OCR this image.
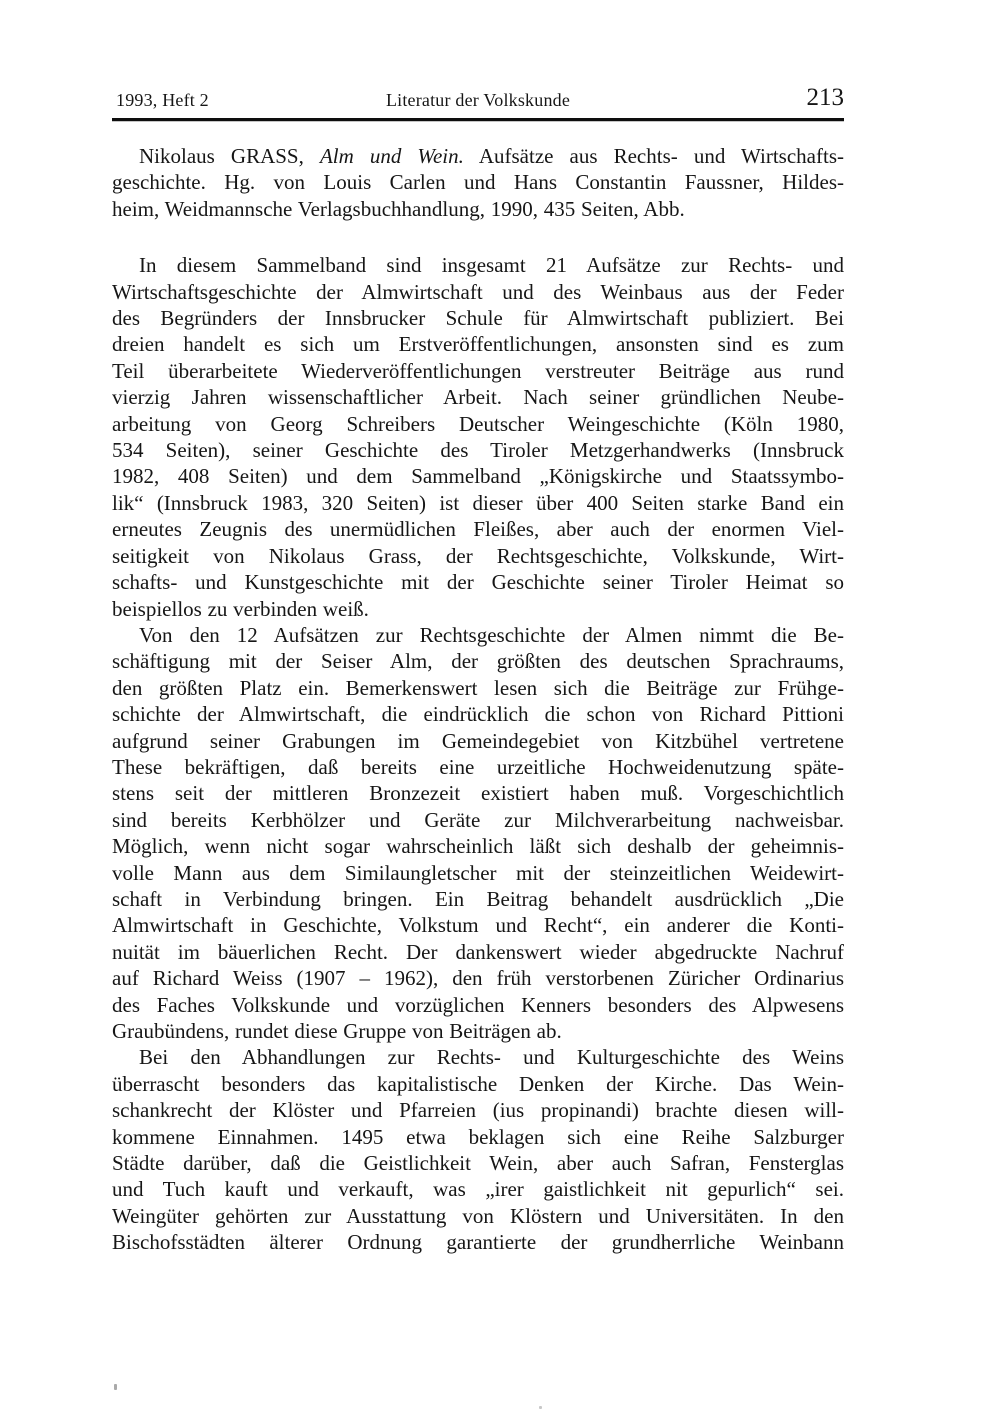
1993, Heft 2	Literatur der Volkskunde	213
Nikolaus GRASS, Alm und Wein. Aufsätze aus Rechts- und Wirtschafts-
geschichte. Hg. von Louis Carlen und Hans Constantin Faussner, Hildes-
heim, Weidmannsche Verlagsbuchhandlung, 1990, 435 Seiten, Abb.
In diesem Sammelband sind insgesamt 21 Aufsätze zur Rechts- und
Wirtschaftsgeschichte der Almwirtschaft und des Weinbaus aus der Feder
des Begründers der Innsbrucker Schule für Almwirtschaft publiziert. Bei
dreien handelt es sich um Erstveröffentlichungen, ansonsten sind es zum
Teil überarbeitete Wiederveröffentlichungen verstreuter Beiträge aus rund
vierzig Jahren wissenschaftlicher Arbeit. Nach seiner gründlichen Neube-
arbeitung von Georg Schreibers Deutscher Weingeschichte (Köln 1980,
534 Seiten), seiner Geschichte des Tiroler Metzgerhandwerks (Innsbruck
1982, 408 Seiten) und dem Sammelband „Königskirche und Staatssymbo-
lik“ (Innsbruck 1983, 320 Seiten) ist dieser über 400 Seiten starke Band ein
erneutes Zeugnis des unermüdlichen Fleißes, aber auch der enormen Viel-
seitigkeit von Nikolaus Grass, der Rechtsgeschichte, Volkskunde, Wirt-
schafts- und Kunstgeschichte mit der Geschichte seiner Tiroler Heimat so
beispiellos zu verbinden weiß.
Von den 12 Aufsätzen zur Rechtsgeschichte der Almen nimmt die Be-
schäftigung mit der Seiser Alm, der größten des deutschen Sprachraums,
den größten Platz ein. Bemerkenswert lesen sich die Beiträge zur Frühge-
schichte der Almwirtschaft, die eindrücklich die schon von Richard Pittioni
aufgrund seiner Grabungen im Gemeindegebiet von Kitzbühel vertretene
These bekräftigen, daß bereits eine urzeitliche Hochweidenutzung späte-
stens seit der mittleren Bronzezeit existiert haben muß. Vorgeschichtlich
sind bereits Kerbhölzer und Geräte zur Milchverarbeitung nachweisbar.
Möglich, wenn nicht sogar wahrscheinlich läßt sich deshalb der geheimnis-
volle Mann aus dem Similaungletscher mit der steinzeitlichen Weidewirt-
schaft in Verbindung bringen. Ein Beitrag behandelt ausdrücklich „Die
Almwirtschaft in Geschichte, Volkstum und Recht“, ein anderer die Konti-
nuität im bäuerlichen Recht. Der dankenswert wieder abgedruckte Nachruf
auf Richard Weiss (1907 – 1962), den früh verstorbenen Züricher Ordinarius
des Faches Volkskunde und vorzüglichen Kenners besonders des Alpwesens
Graubündens, rundet diese Gruppe von Beiträgen ab.
Bei den Abhandlungen zur Rechts- und Kulturgeschichte des Weins
überrascht besonders das kapitalistische Denken der Kirche. Das Wein-
schankrecht der Klöster und Pfarreien (ius propinandi) brachte diesen will-
kommene Einnahmen. 1495 etwa beklagen sich eine Reihe Salzburger
Städte darüber, daß die Geistlichkeit Wein, aber auch Safran, Fensterglas
und Tuch kauft und verkauft, was „irer gaistlichkeit nit gepurlich“ sei.
Weingüter gehörten zur Ausstattung von Klöstern und Universitäten. In den
Bischofsstädten älterer Ordnung garantierte der grundherrliche Weinbann
